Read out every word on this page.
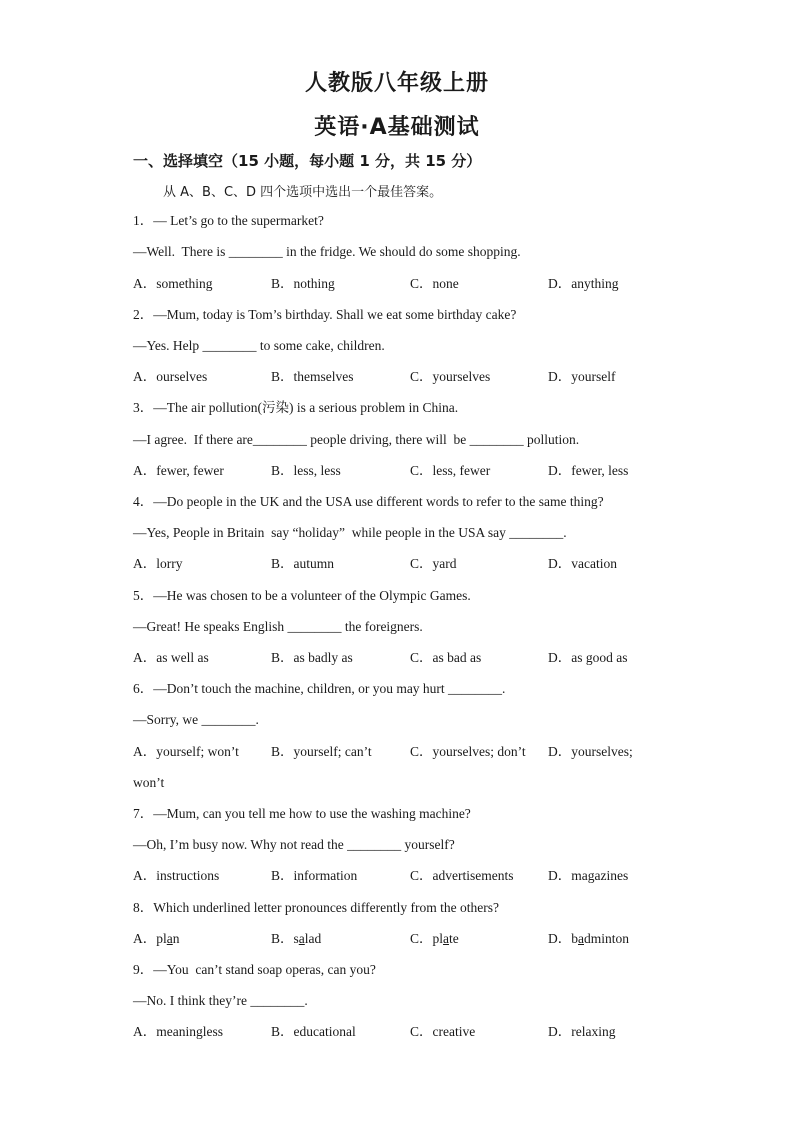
人教版八年级上册
英语·A基础测试
一、选择填空（15 小题，每小题 1 分，共 15 分）
从 A、B、C、D 四个选项中选出一个最佳答案。
1．— Let’s go to the supermarket?
—Well.  There is ________ in the fridge. We should do some shopping.
A．something	B．nothing	C．none	D．anything
2．—Mum, today is Tom’s birthday. Shall we eat some birthday cake?
—Yes. Help ________ to some cake, children.
A．ourselves	B．themselves	C．yourselves	D．yourself
3．—The air pollution(污染) is a serious problem in China.
—I agree.  If there are________ people driving, there will  be ________ pollution.
A．fewer, fewer	B．less, less	C．less, fewer	D．fewer, less
4．—Do people in the UK and the USA use different words to refer to the same thing?
—Yes, People in Britain  say “holiday”  while people in the USA say ________.
A．lorry	B．autumn	C．yard	D．vacation
5．—He was chosen to be a volunteer of the Olympic Games.
—Great! He speaks English ________ the foreigners.
A．as well as	B．as badly as	C．as bad as	D．as good as
6．—Don’t touch the machine, children, or you may hurt ________.
—Sorry, we ________.
A．yourself; won’t B．yourself; can’t	C．yourselves; don’t D．yourselves;
won’t
7．—Mum, can you tell me how to use the washing machine?
—Oh, I’m busy now. Why not read the ________ yourself?
A．instructions	B．information	C．advertisements	D．magazines
8．Which underlined letter pronounces differently from the others?
A．plan	B．salad	C．plate	D．badminton
9．—You  can’t stand soap operas, can you?
—No. I think they’re ________.
A．meaningless	B．educational	C．creative	D．relaxing
